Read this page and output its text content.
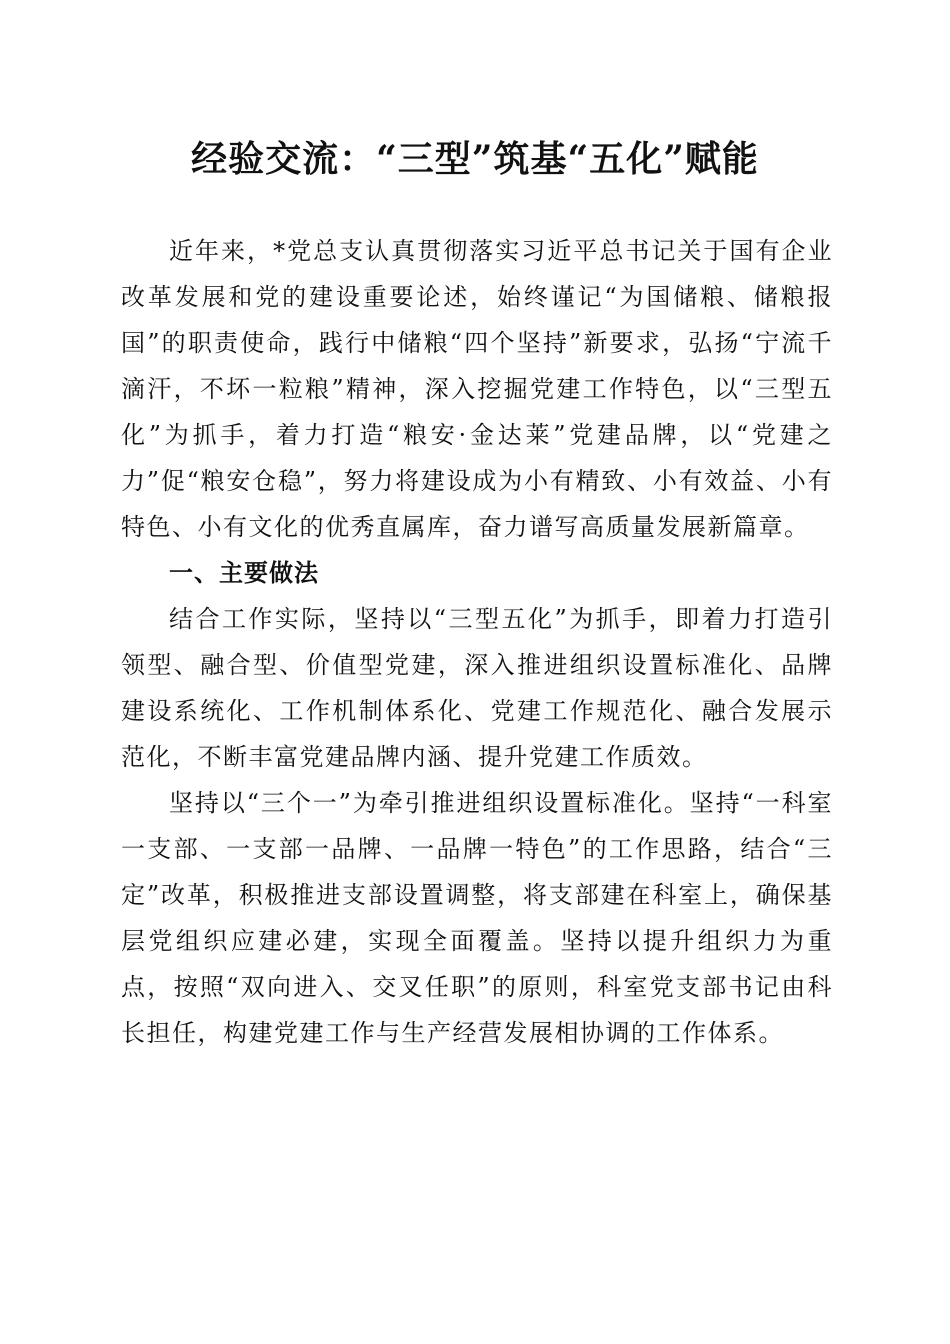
经验交流：“三型”筑基“五化”赋能

近年来，*党总支认真贯彻落实习近平总书记关于国有企业改革发展和党的建设重要论述，始终谨记“为国储粮、储粮报国”的职责使命，践行中储粮“四个坚持”新要求，弘扬“宁流千滴汗，不坏一粒粮”精神，深入挖掘党建工作特色，以“三型五化”为抓手，着力打造“粮安·金达莱”党建品牌，以“党建之力”促“粮安仓稳”，努力将建设成为小有精致、小有效益、小有特色、小有文化的优秀直属库，奋力谱写高质量发展新篇章。

一、主要做法

结合工作实际，坚持以“三型五化”为抓手，即着力打造引领型、融合型、价值型党建，深入推进组织设置标准化、品牌建设系统化、工作机制体系化、党建工作规范化、融合发展示范化，不断丰富党建品牌内涵、提升党建工作质效。

坚持以“三个一”为牵引推进组织设置标准化。坚持“一科室一支部、一支部一品牌、一品牌一特色”的工作思路，结合“三定”改革，积极推进支部设置调整，将支部建在科室上，确保基层党组织应建必建，实现全面覆盖。坚持以提升组织力为重点，按照“双向进入、交叉任职”的原则，科室党支部书记由科长担任，构建党建工作与生产经营发展相协调的工作体系。
